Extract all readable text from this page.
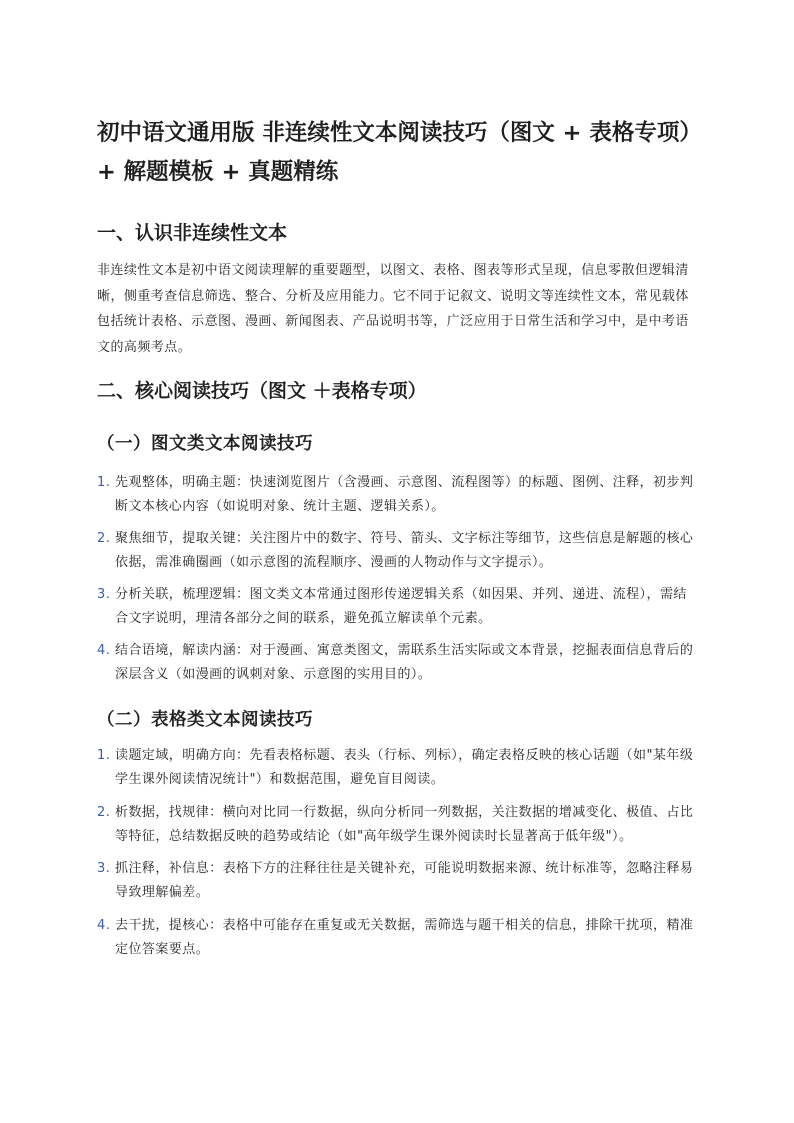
初中语文通用版 非连续性文本阅读技巧（图文 + 表格专项）+ 解题模板 + 真题精练
一、认识非连续性文本

非连续性文本是初中语文阅读理解的重要题型，以图文、表格、图表等形式呈现，信息零散但逻辑清晰，侧重考查信息筛选、整合、分析及应用能力。它不同于记叙文、说明文等连续性文本，常见载体包括统计表格、示意图、漫画、新闻图表、产品说明书等，广泛应用于日常生活和学习中，是中考语文的高频考点。

二、核心阅读技巧（图文 ＋表格专项）
（一）图文类文本阅读技巧
1. 先观整体，明确主题：快速浏览图片（含漫画、示意图、流程图等）的标题、图例、注释，初步判断文本核心内容（如说明对象、统计主题、逻辑关系）。
2. 聚焦细节，提取关键：关注图片中的数字、符号、箭头、文字标注等细节，这些信息是解题的核心依据，需准确圈画（如示意图的流程顺序、漫画的人物动作与文字提示）。
3. 分析关联，梳理逻辑：图文类文本常通过图形传递逻辑关系（如因果、并列、递进、流程），需结合文字说明，理清各部分之间的联系，避免孤立解读单个元素。
4. 结合语境，解读内涵：对于漫画、寓意类图文，需联系生活实际或文本背景，挖掘表面信息背后的深层含义（如漫画的讽刺对象、示意图的实用目的）。
（二）表格类文本阅读技巧
1. 读题定域，明确方向：先看表格标题、表头（行标、列标），确定表格反映的核心话题（如"某年级学生课外阅读情况统计"）和数据范围，避免盲目阅读。
2. 析数据，找规律：横向对比同一行数据，纵向分析同一列数据，关注数据的增减变化、极值、占比等特征，总结数据反映的趋势或结论（如"高年级学生课外阅读时长显著高于低年级"）。
3. 抓注释，补信息：表格下方的注释往往是关键补充，可能说明数据来源、统计标准等，忽略注释易导致理解偏差。
4. 去干扰，提核心：表格中可能存在重复或无关数据，需筛选与题干相关的信息，排除干扰项，精准定位答案要点。
